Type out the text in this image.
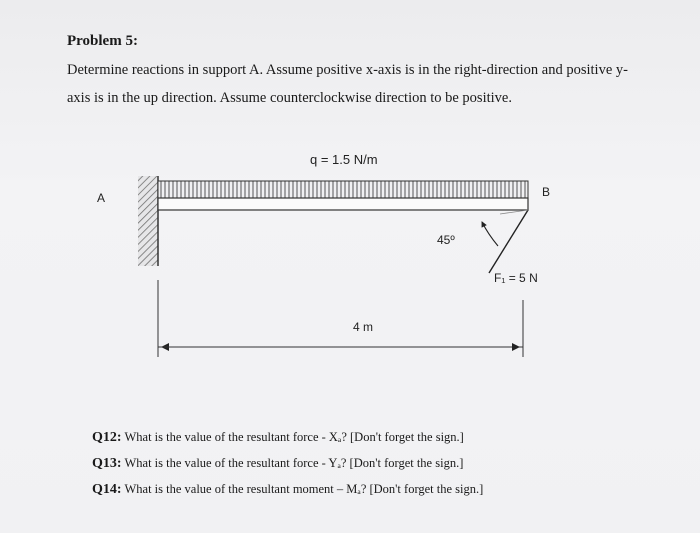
Problem 5:
Determine reactions in support A. Assume positive x-axis is in the right-direction and positive y-
axis is in the up direction. Assume counterclockwise direction to be positive.
q = 1.5 N/m
A	B
45º
F₁ = 5 N
4 m
Q12: What is the value of the resultant force - Xₐ? [Don't forget the sign.]
Q13: What is the value of the resultant force - Yₐ? [Don't forget the sign.]
Q14: What is the value of the resultant moment – Mₐ? [Don't forget the sign.]
